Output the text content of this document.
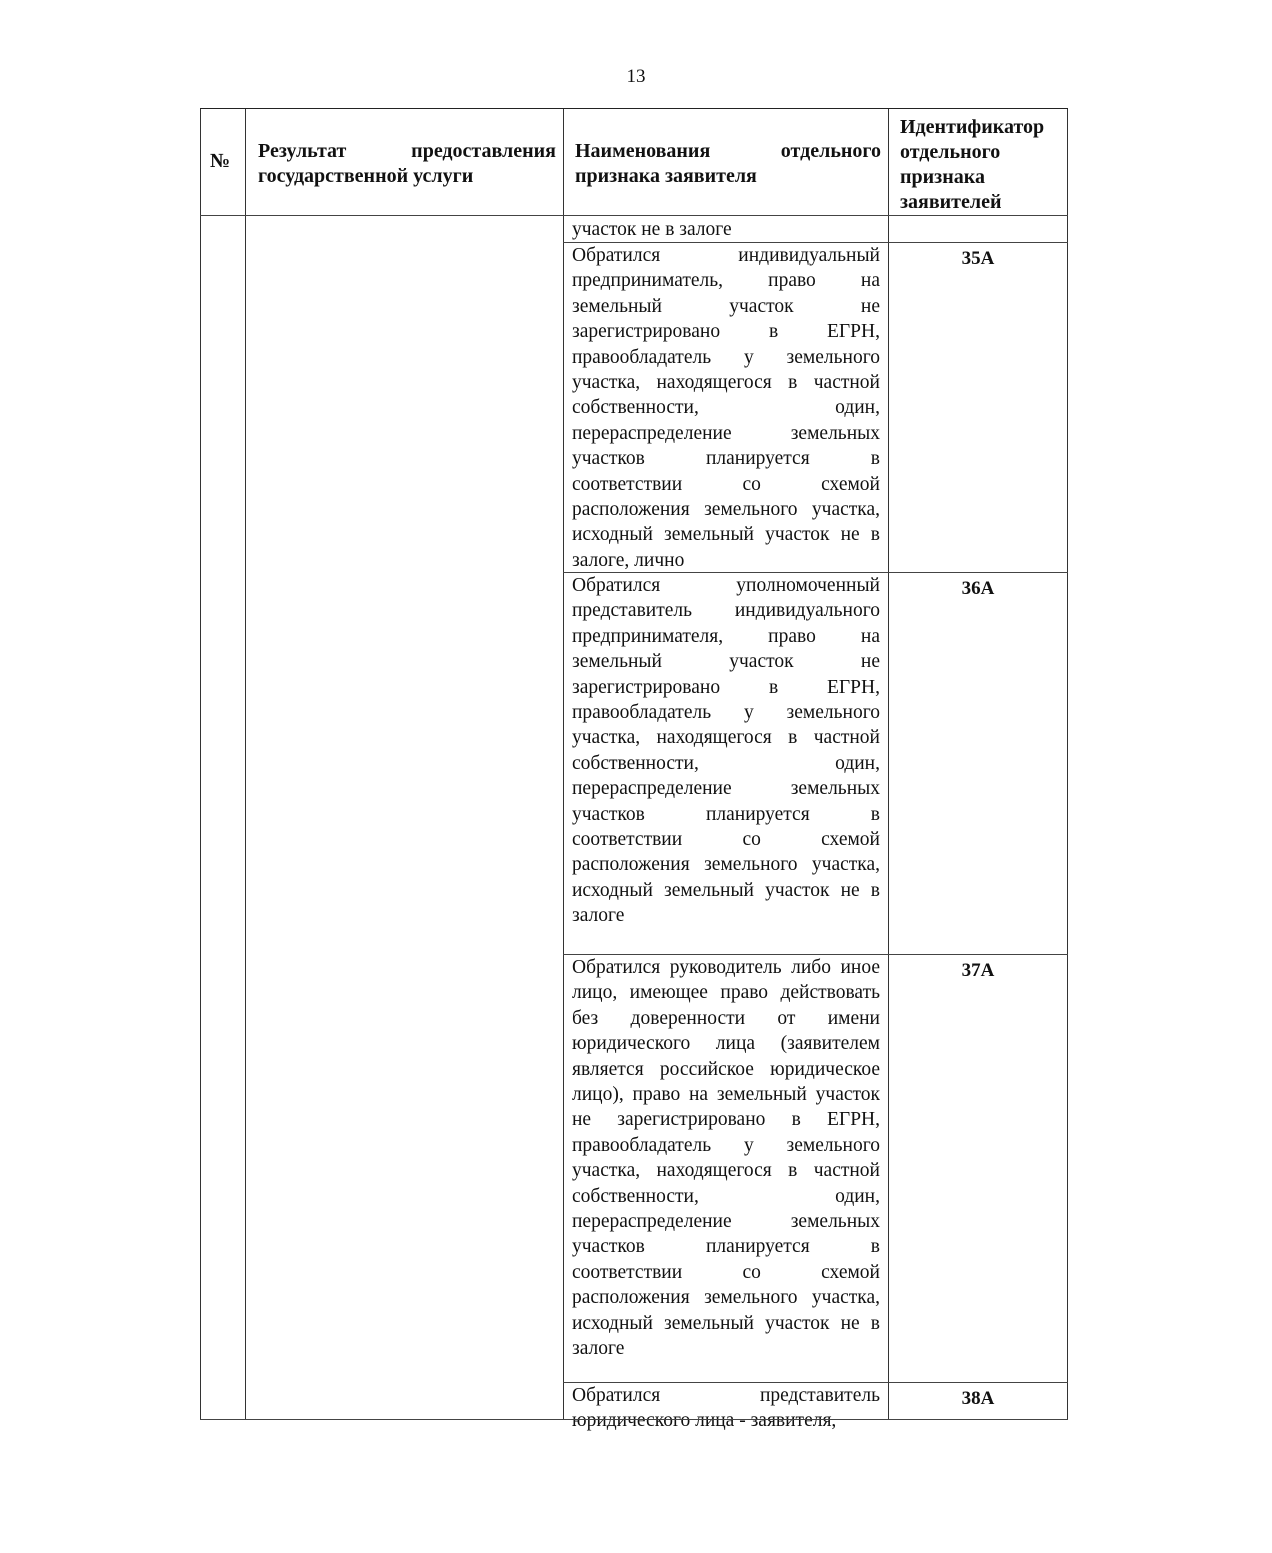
13
№	Результат предоставления государственной услуги
Наименования отдельного признака заявителя
Идентификатор отдельного признака заявителей

участок не в залоге

Обратился индивидуальный предприниматель, право на земельный участок не зарегистрировано в ЕГРН, правообладатель у земельного участка, находящегося в частной собственности, один, перераспределение земельных участков планируется в соответствии со схемой расположения земельного участка, исходный земельный участок не в залоге, лично

35А

Обратился уполномоченный представитель индивидуального предпринимателя, право на земельный участок не зарегистрировано в ЕГРН, правообладатель у земельного участка, находящегося в частной собственности, один, перераспределение земельных участков планируется в соответствии со схемой расположения земельного участка, исходный земельный участок не в залоге

36А

Обратился руководитель либо иное лицо, имеющее право действовать без доверенности от имени юридического лица (заявителем является российское юридическое лицо), право на земельный участок не зарегистрировано в ЕГРН, правообладатель у земельного участка, находящегося в частной собственности, один, перераспределение земельных участков планируется в соответствии со схемой расположения земельного участка, исходный земельный участок не в залоге

37А

Обратился представитель юридического лица - заявителя,

38А
